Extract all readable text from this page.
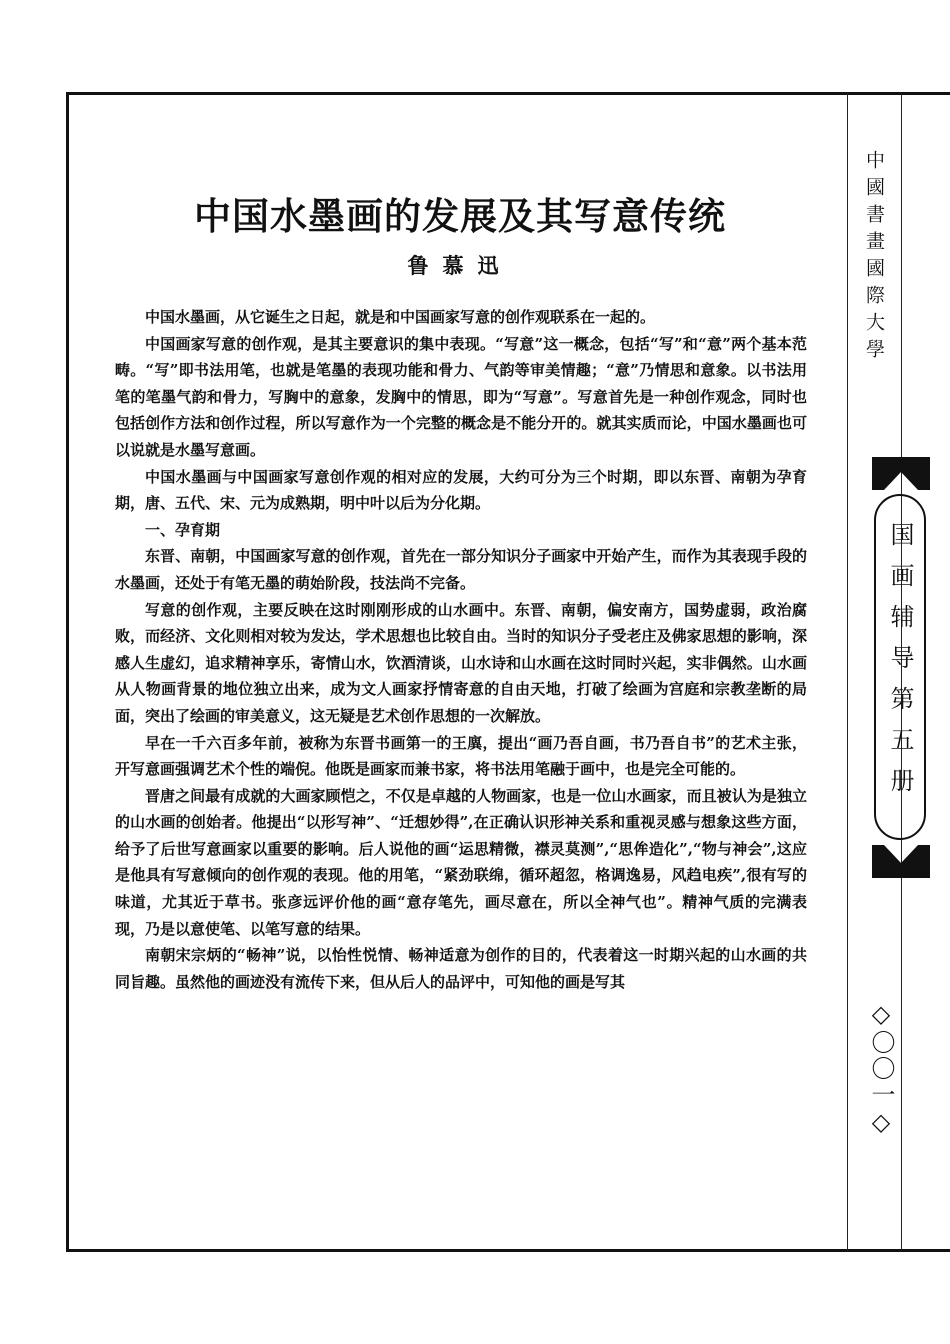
中国水墨画的发展及其写意传统
鲁慕迅

中国水墨画，从它诞生之日起，就是和中国画家写意的创作观联系在一起的。

中国画家写意的创作观，是其主要意识的集中表现。“写意”这一概念，包括“写”和“意”两个基本范畴。“写”即书法用笔，也就是笔墨的表现功能和骨力、气韵等审美情趣；“意”乃情思和意象。以书法用笔的笔墨气韵和骨力，写胸中的意象，发胸中的情思，即为“写意”。写意首先是一种创作观念，同时也包括创作方法和创作过程，所以写意作为一个完整的概念是不能分开的。就其实质而论，中国水墨画也可以说就是水墨写意画。

中国水墨画与中国画家写意创作观的相对应的发展，大约可分为三个时期，即以东晋、南朝为孕育期，唐、五代、宋、元为成熟期，明中叶以后为分化期。

一、孕育期

东晋、南朝，中国画家写意的创作观，首先在一部分知识分子画家中开始产生，而作为其表现手段的水墨画，还处于有笔无墨的萌始阶段，技法尚不完备。

写意的创作观，主要反映在这时刚刚形成的山水画中。东晋、南朝，偏安南方，国势虚弱，政治腐败，而经济、文化则相对较为发达，学术思想也比较自由。当时的知识分子受老庄及佛家思想的影响，深感人生虚幻，追求精神享乐，寄情山水，饮酒清谈，山水诗和山水画在这时同时兴起，实非偶然。山水画从人物画背景的地位独立出来，成为文人画家抒情寄意的自由天地，打破了绘画为宫庭和宗教垄断的局面，突出了绘画的审美意义，这无疑是艺术创作思想的一次解放。

早在一千六百多年前，被称为东晋书画第一的王廙，提出“画乃吾自画，书乃吾自书”的艺术主张，开写意画强调艺术个性的端倪。他既是画家而兼书家，将书法用笔融于画中，也是完全可能的。

晋唐之间最有成就的大画家顾恺之，不仅是卓越的人物画家，也是一位山水画家，而且被认为是独立的山水画的创始者。他提出“以形写神”、“迁想妙得”,在正确认识形神关系和重视灵感与想象这些方面，给予了后世写意画家以重要的影响。后人说他的画“运思精微，襟灵莫测”,“思侔造化”,“物与神会”,这应是他具有写意倾向的创作观的表现。他的用笔，“紧劲联绵，循环超忽，格调逸易，风趋电疾”,很有写的味道，尤其近于草书。张彦远评价他的画“意存笔先，画尽意在，所以全神气也”。精神气质的完满表现，乃是以意使笔、以笔写意的结果。

南朝宋宗炳的“畅神”说，以怡性悦情、畅神适意为创作的目的，代表着这一时期兴起的山水画的共同旨趣。虽然他的画迹没有流传下来，但从后人的品评中，可知他的画是写其

中國書畫國際大學
国画辅导第五册
◇〇〇一◇
